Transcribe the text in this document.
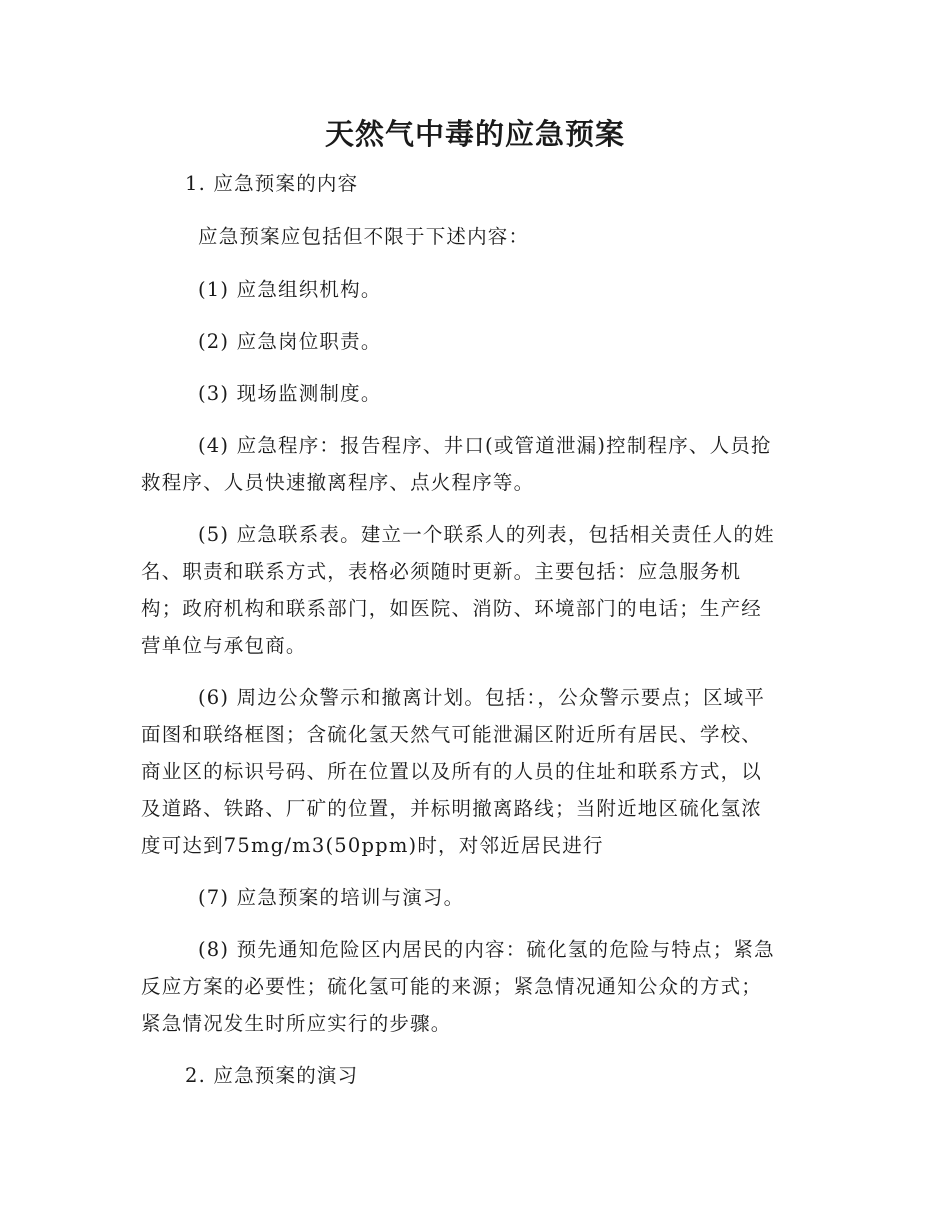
天然气中毒的应急预案
1. 应急预案的内容
应急预案应包括但不限于下述内容：
(1) 应急组织机构。
(2) 应急岗位职责。
(3) 现场监测制度。
(4) 应急程序：报告程序、井口(或管道泄漏)控制程序、人员抢
救程序、人员快速撤离程序、点火程序等。
(5) 应急联系表。建立一个联系人的列表，包括相关责任人的姓
名、职责和联系方式，表格必须随时更新。主要包括：应急服务机
构；政府机构和联系部门，如医院、消防、环境部门的电话；生产经
营单位与承包商。
(6) 周边公众警示和撤离计划。包括：，公众警示要点；区域平
面图和联络框图；含硫化氢天然气可能泄漏区附近所有居民、学校、
商业区的标识号码、所在位置以及所有的人员的住址和联系方式，以
及道路、铁路、厂矿的位置，并标明撤离路线；当附近地区硫化氢浓
度可达到75mg/m3(50ppm)时，对邻近居民进行
(7) 应急预案的培训与演习。
(8) 预先通知危险区内居民的内容：硫化氢的危险与特点；紧急
反应方案的必要性；硫化氢可能的来源；紧急情况通知公众的方式；
紧急情况发生时所应实行的步骤。
2. 应急预案的演习
